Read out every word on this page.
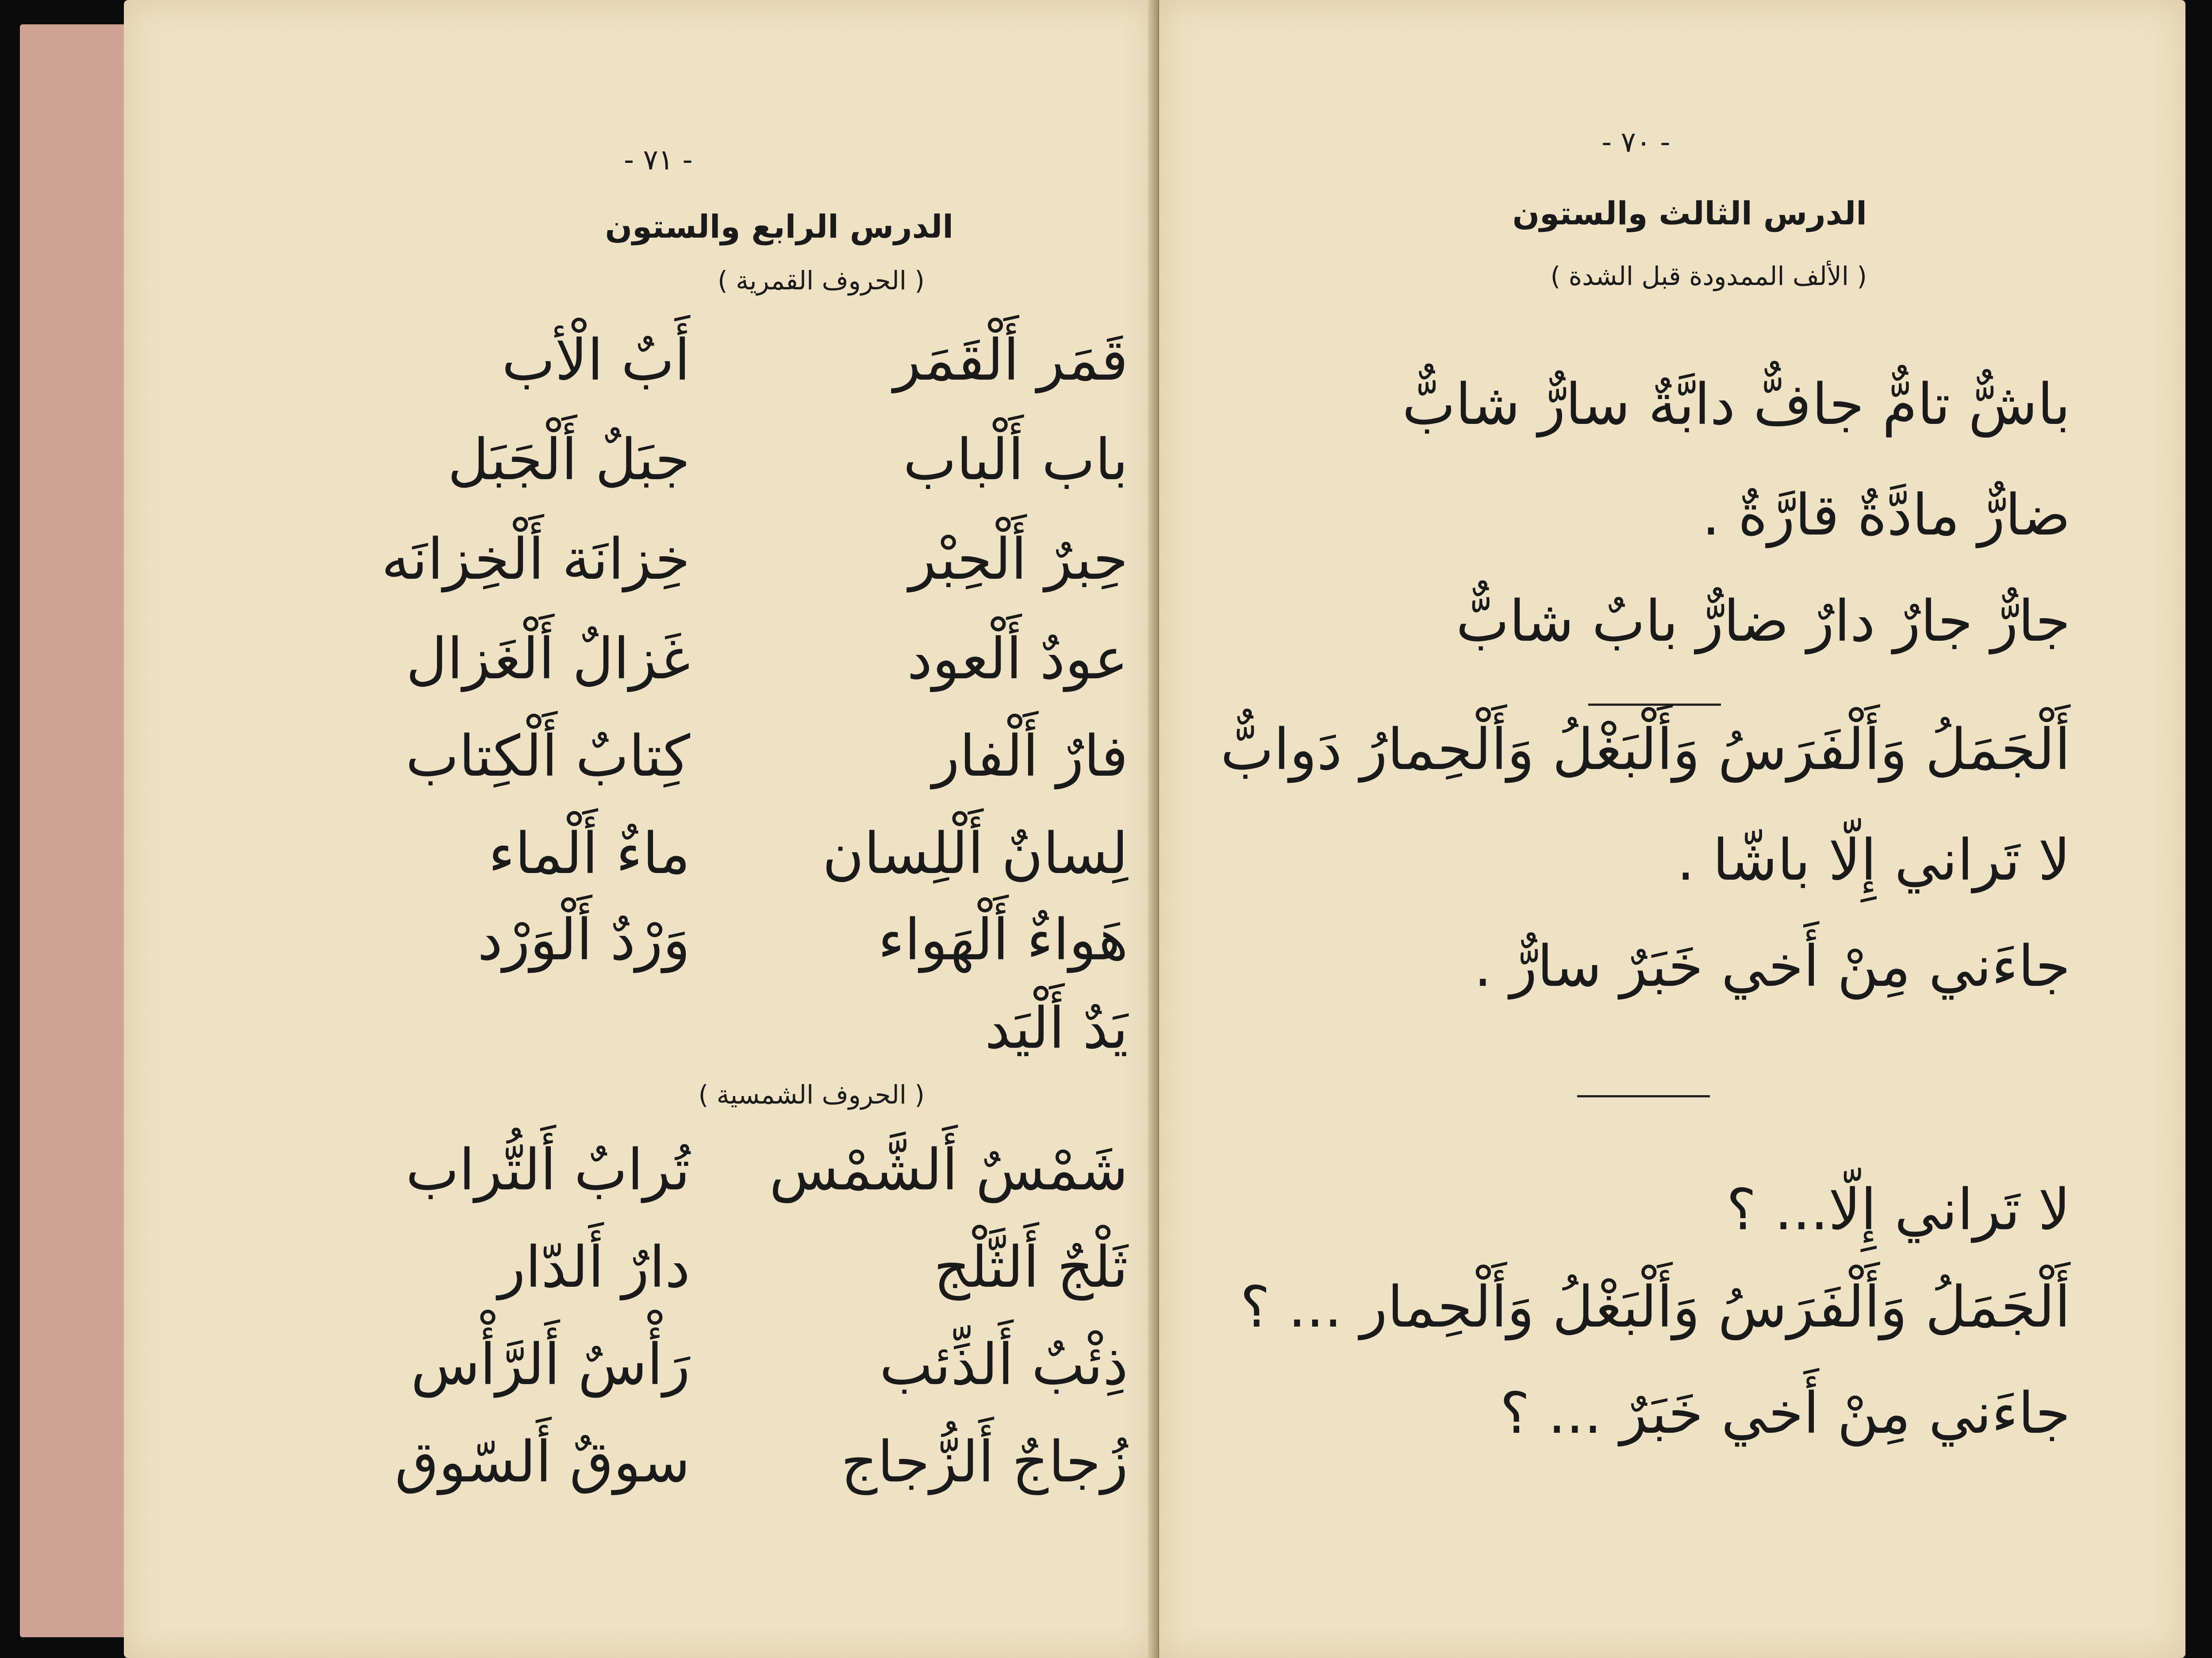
- ٧١ -
الدرس الرابع والستون
( الحروف القمرية )
قَمَر أَلْقَمَر
أَبٌ الْأب
باب أَلْباب
جبَلٌ أَلْجَبَل
حِبرٌ أَلْحِبْر
خِزانَة أَلْخِزانَه
عودٌ أَلْعود
غَزالٌ أَلْغَزال
فارٌ أَلْفار
كِتابٌ أَلْكِتاب
لِسانٌ أَلْلِسان
ماءٌ أَلْماء
هَواءٌ أَلْهَواء
وَرْدٌ أَلْوَرْد
يَدٌ أَلْيَد
( الحروف الشمسية )
شَمْسٌ أَلشَّمْس
تُرابٌ أَلتُّراب
ثَلْجٌ أَلثَّلْج
دارٌ أَلدّار
ذِئْبٌ أَلذِّئب
رَأْسٌ أَلرَّأْس
زُجاجٌ أَلزُّجاج
سوقٌ أَلسّوق
- ٧٠ -
الدرس الثالث والستون
( الألف الممدودة قبل الشدة )
باشٌّ تامٌّ جافٌّ دابَّةٌ سارٌّ شابٌّ
ضارٌّ مادَّةٌ قارَّةٌ .
جارٌّ جارٌ دارٌ ضارٌّ بابٌ شابٌّ
أَلْجَمَلُ وَأَلْفَرَسُ وَأَلْبَغْلُ وَأَلْحِمارُ دَوابٌّ
لا تَراني إِلّا باشّا .
جاءَني مِنْ أَخي خَبَرٌ سارٌّ .
لا تَراني إِلّا... ؟
أَلْجَمَلُ وَأَلْفَرَسُ وَأَلْبَغْلُ وَأَلْحِمار ... ؟
جاءَني مِنْ أَخي خَبَرٌ ... ؟
